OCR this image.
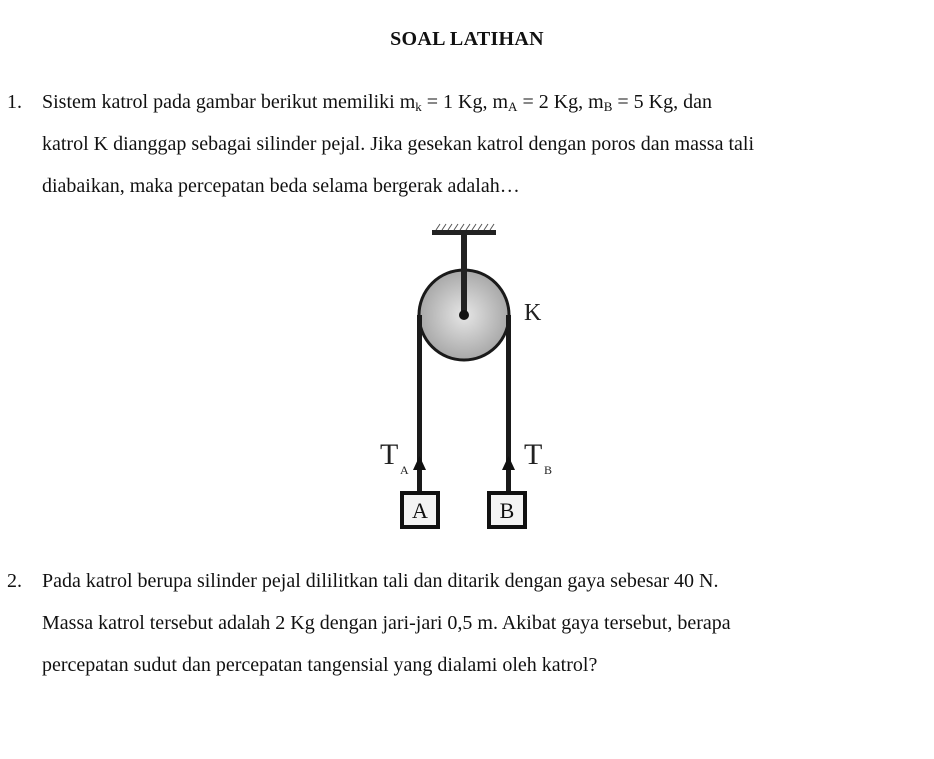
SOAL LATIHAN
1. Sistem katrol pada gambar berikut memiliki $m_k = 1$ Kg, $m_A = 2$ Kg, $m_B = 5$ Kg, dan
katrol K dianggap sebagai silinder pejal. Jika gesekan katrol dengan poros dan massa tali
diabaikan, maka percepatan beda selama bergerak adalah…
K
T A	T B
A	B
2. Pada katrol berupa silinder pejal dililitkan tali dan ditarik dengan gaya sebesar 40 N.
Massa katrol tersebut adalah 2 Kg dengan jari-jari 0,5 m. Akibat gaya tersebut, berapa
percepatan sudut dan percepatan tangensial yang dialami oleh katrol?
